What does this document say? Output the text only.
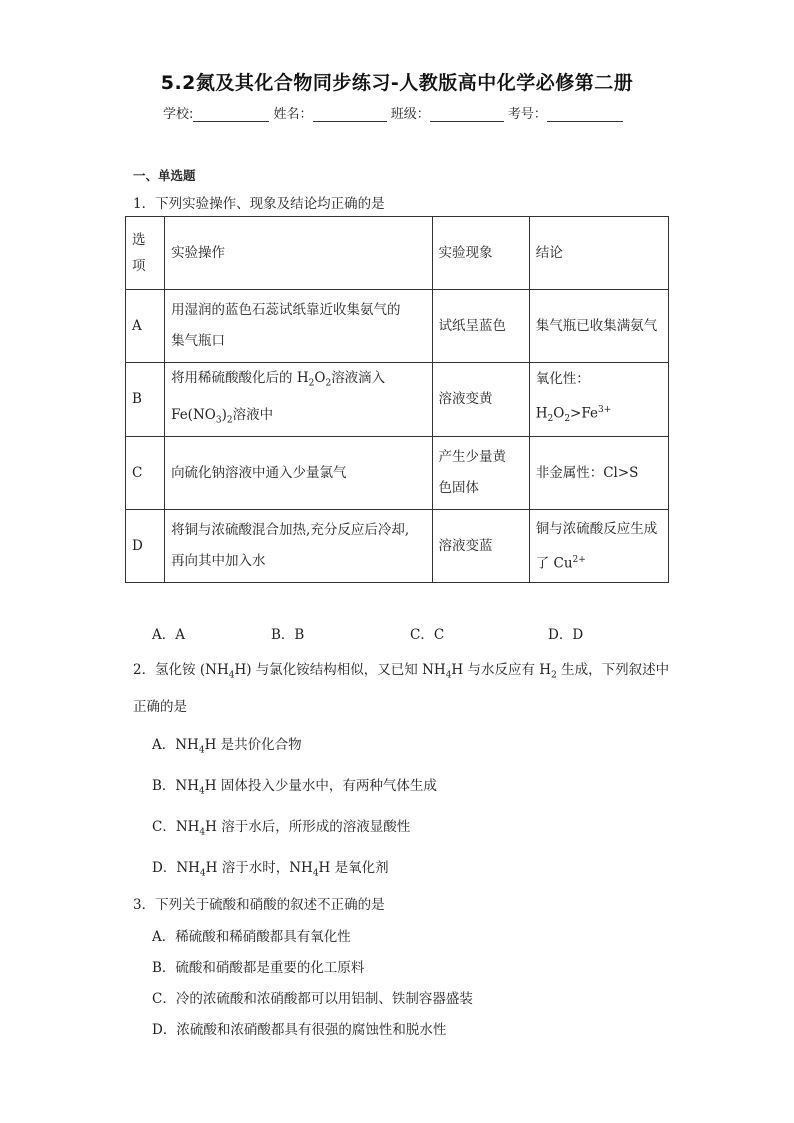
5.2氮及其化合物同步练习-人教版高中化学必修第二册
学校:	姓名：	班级：	考号：
一、单选题
1．下列实验操作、现象及结论均正确的是
选
项	实验操作	实验现象	结论
A	用湿润的蓝色石蕊试纸靠近收集氨气的
集气瓶口	试纸呈蓝色	集气瓶已收集满氨气
B	将用稀硫酸酸化后的 $H_2O_2$溶液滴入
$Fe(NO_3)_2$溶液中	溶液变黄	氧化性：$H_2O_2>Fe^{3+}$
C	向硫化钠溶液中通入少量氯气	产生少量黄
色固体	非金属性：Cl>S
D	将铜与浓硫酸混合加热,充分反应后冷却,
再向其中加入水	溶液变蓝	铜与浓硫酸反应生成
了 $Cu^{2+}$
A．A	B．B	C．C	D．D
2．氢化铵 $(NH_4H)$ 与氯化铵结构相似，又已知 $NH_4H$ 与水反应有 $H_2$ 生成，下列叙述中
正确的是
A．$NH_4H$ 是共价化合物
B．$NH_4H$ 固体投入少量水中，有两种气体生成
C．$NH_4H$ 溶于水后，所形成的溶液显酸性
D．$NH_4H$ 溶于水时，$NH_4H$ 是氧化剂
3．下列关于硫酸和硝酸的叙述不正确的是
A．稀硫酸和稀硝酸都具有氧化性
B．硫酸和硝酸都是重要的化工原料
C．冷的浓硫酸和浓硝酸都可以用铝制、铁制容器盛装
D．浓硫酸和浓硝酸都具有很强的腐蚀性和脱水性
